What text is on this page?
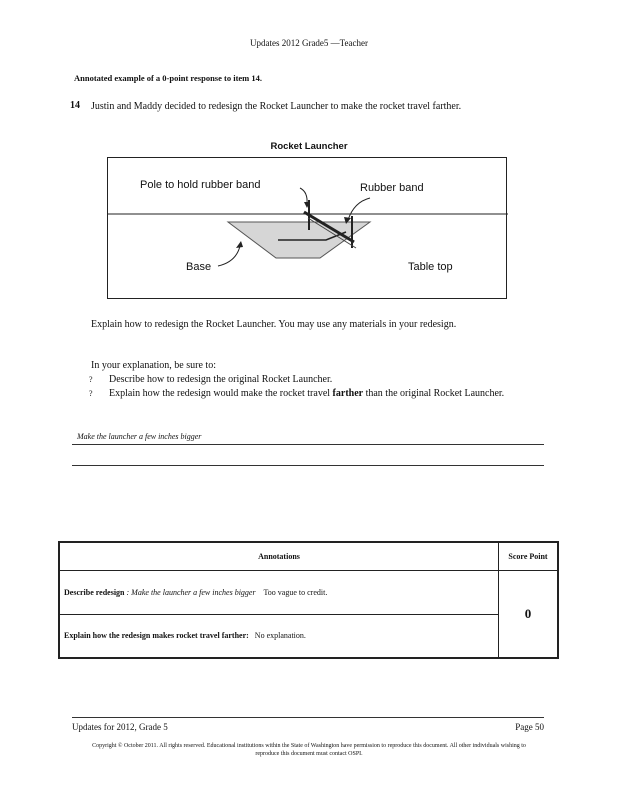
Updates 2012 Grade5 —Teacher
Annotated example of a 0-point response to item 14.
14 Justin and Maddy decided to redesign the Rocket Launcher to make the rocket travel farther.
Rocket Launcher
Pole to hold rubber band	Rubber band
Base	Table top
Explain how to redesign the Rocket Launcher. You may use any materials in your redesign.
In your explanation, be sure to:
? Describe how to redesign the original Rocket Launcher.
? Explain how the redesign would make the rocket travel farther than the original Rocket Launcher.
Make the launcher a few inches bigger
Annotations	Score Point
Describe redesign : Make the launcher a few inches bigger Too vague to credit.	0
Explain how the redesign makes rocket travel farther: No explanation.	
Updates for 2012, Grade 5	Page 50
Copyright © October 2011. All rights reserved. Educational institutions within the State of Washington have permission to reproduce this document. All other individuals wishing to reproduce this document must contact OSPI.
